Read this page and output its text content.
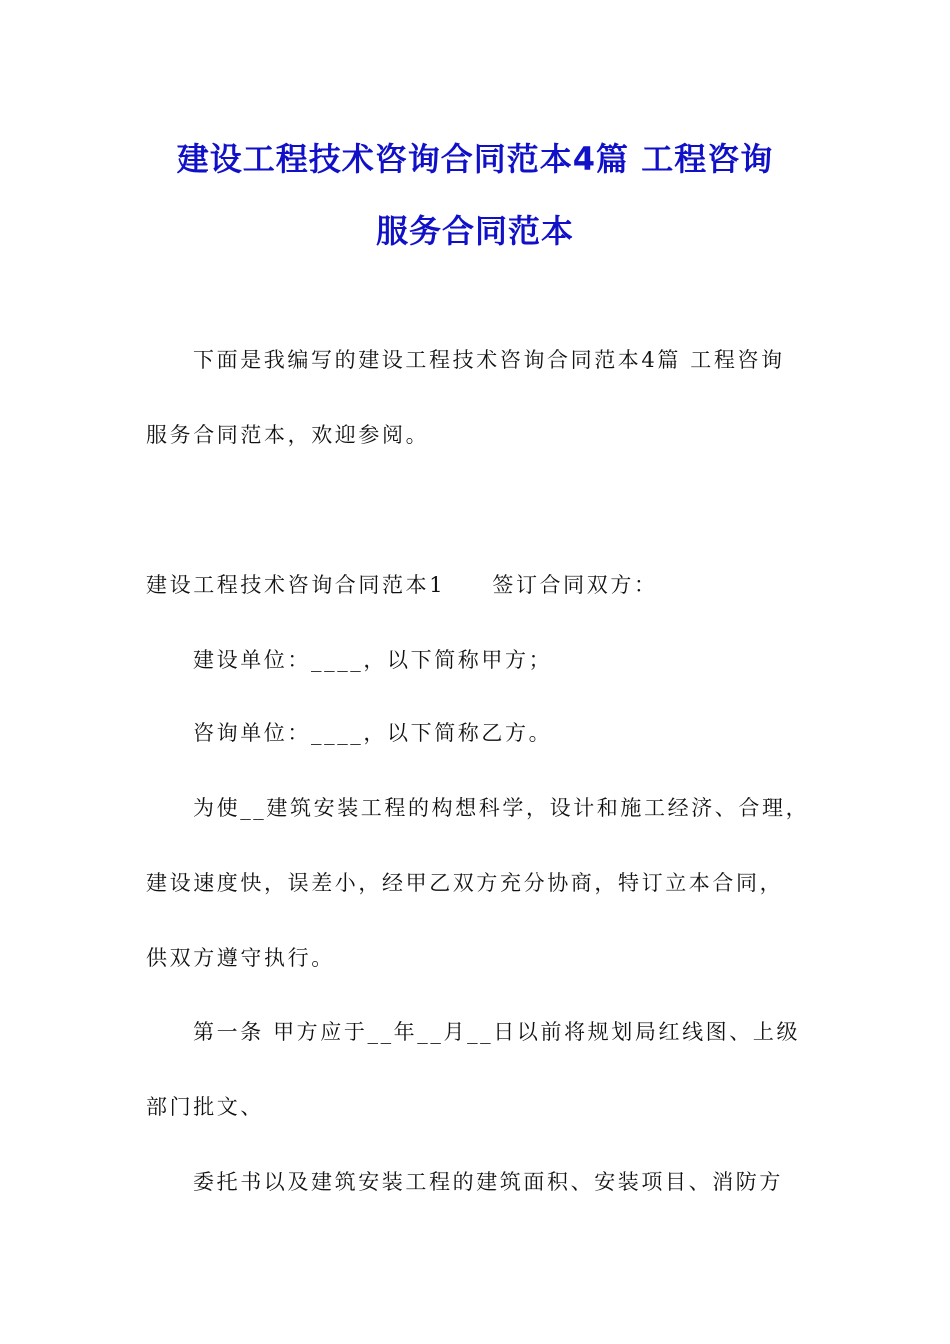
建设工程技术咨询合同范本4篇 工程咨询
服务合同范本
下面是我编写的建设工程技术咨询合同范本4篇 工程咨询
服务合同范本，欢迎参阅。
建设工程技术咨询合同范本1　　签订合同双方：
建设单位：____，以下简称甲方；
咨询单位：____，以下简称乙方。
为使__建筑安装工程的构想科学，设计和施工经济、合理，
建设速度快，误差小，经甲乙双方充分协商，特订立本合同，
供双方遵守执行。
第一条 甲方应于__年__月__日以前将规划局红线图、上级
部门批文、
委托书以及建筑安装工程的建筑面积、安装项目、消防方
